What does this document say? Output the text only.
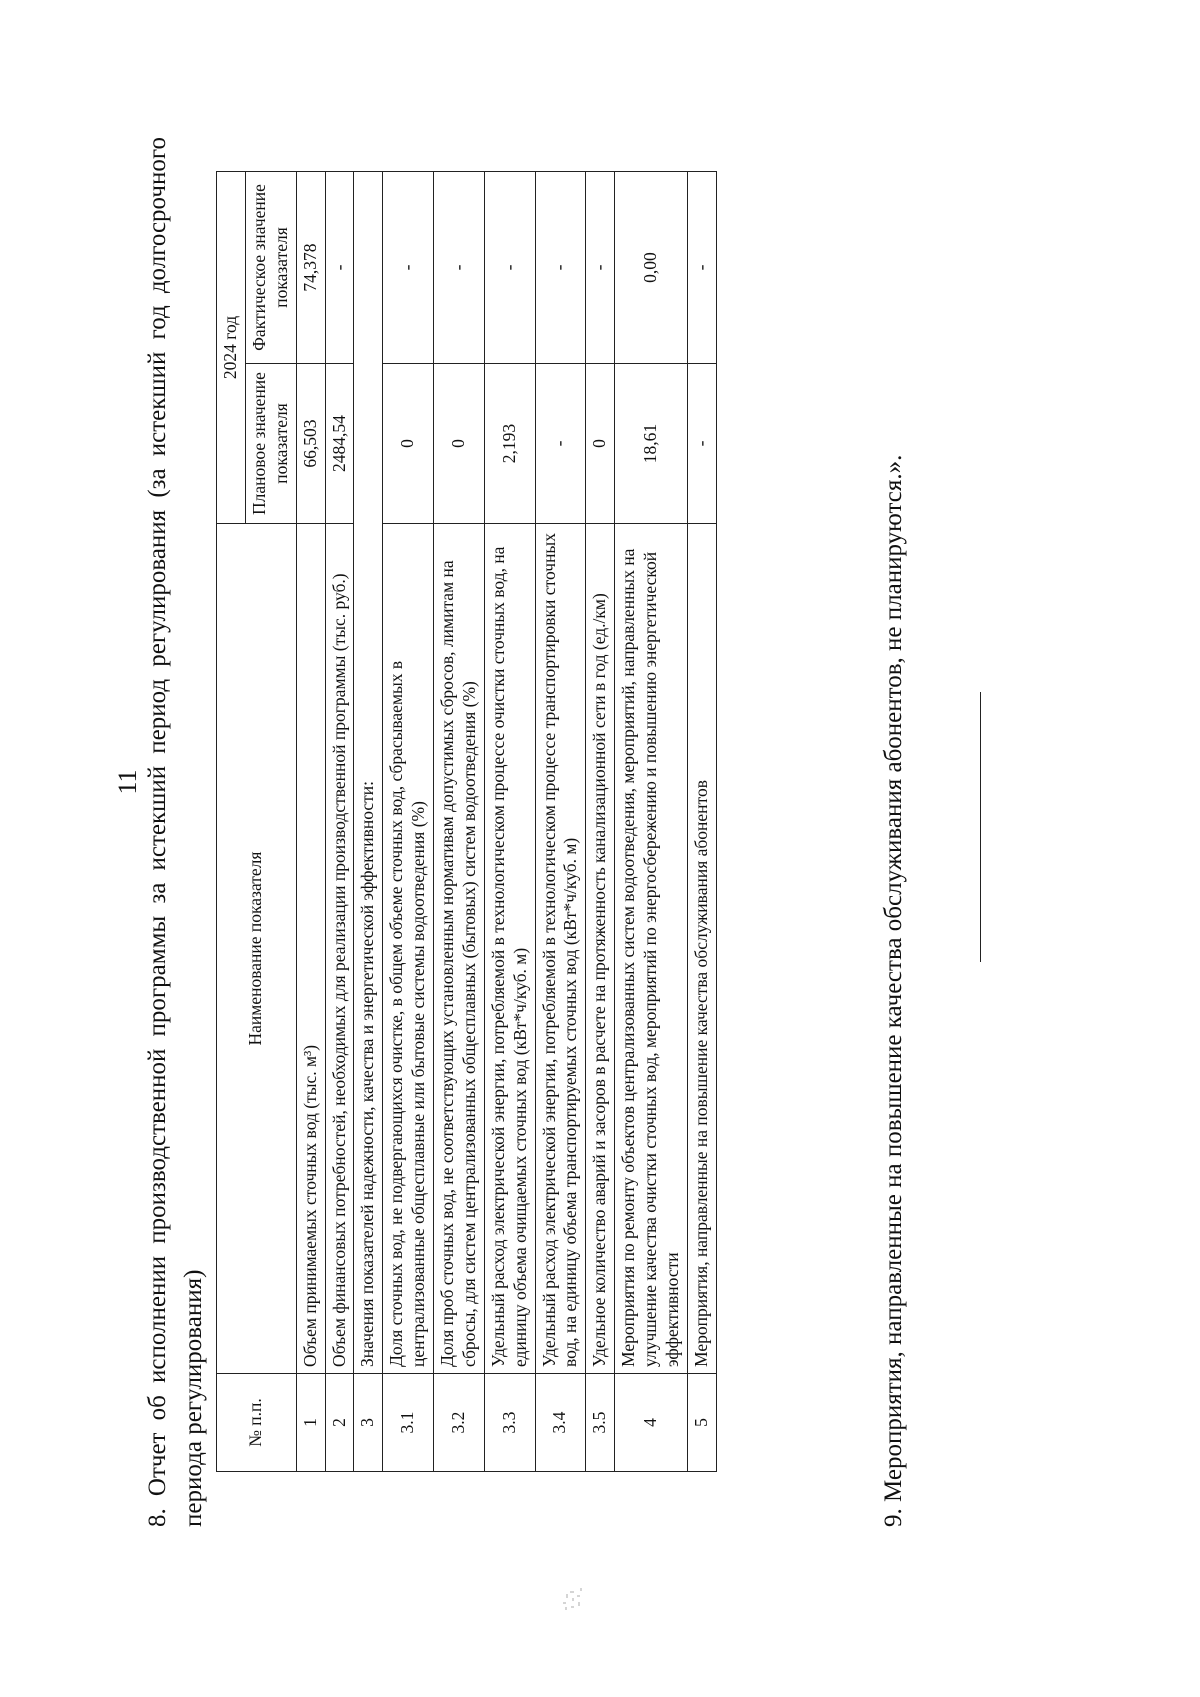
11 8. Отчет об исполнении производственной программы за истекший период регулирования (за истекший год долгосрочного периода регулирования) № п.п.	Наименование показателя	2024 год	
		Плановое значение показателя	Фактическое значение показателя
1	Объем принимаемых сточных вод (тыс. м³)	66,503	74,378
2	Объем финансовых потребностей, необходимых для реализации производственной программы (тыс. руб.)	2484,54	-
3	Значения показателей надежности, качества и энергетической эффективности:		
3.1	Доля сточных вод, не подвергающихся очистке, в общем объеме сточных вод, сбрасываемых в централизованные общесплавные или бытовые системы водоотведения (%)	0	-
3.2	Доля проб сточных вод, не соответствующих установленным нормативам допустимых сбросов, лимитам на сбросы, для систем централизованных общесплавных (бытовых) систем водоотведения (%)	0	-
3.3	Удельный расход электрической энергии, потребляемой в технологическом процессе очистки сточных вод, на единицу объема очищаемых сточных вод (кВт*ч/куб. м)	2,193	-
3.4	Удельный расход электрической энергии, потребляемой в технологическом процессе транспортировки сточных вод, на единицу объема транспортируемых сточных вод (кВт*ч/куб. м)	-	-
3.5	Удельное количество аварий и засоров в расчете на протяженность канализационной сети в год (ед./км)	0	-
4	Мероприятия по ремонту объектов централизованных систем водоотведения, мероприятий, направленных на улучшение качества очистки сточных вод, мероприятий по энергосбережению и повышению энергетической эффективности	18,61	0,00
5	Мероприятия, направленные на повышение качества обслуживания абонентов	-	-
9. Мероприятия, направленные на повышение качества обслуживания абонентов, не планируются.».
